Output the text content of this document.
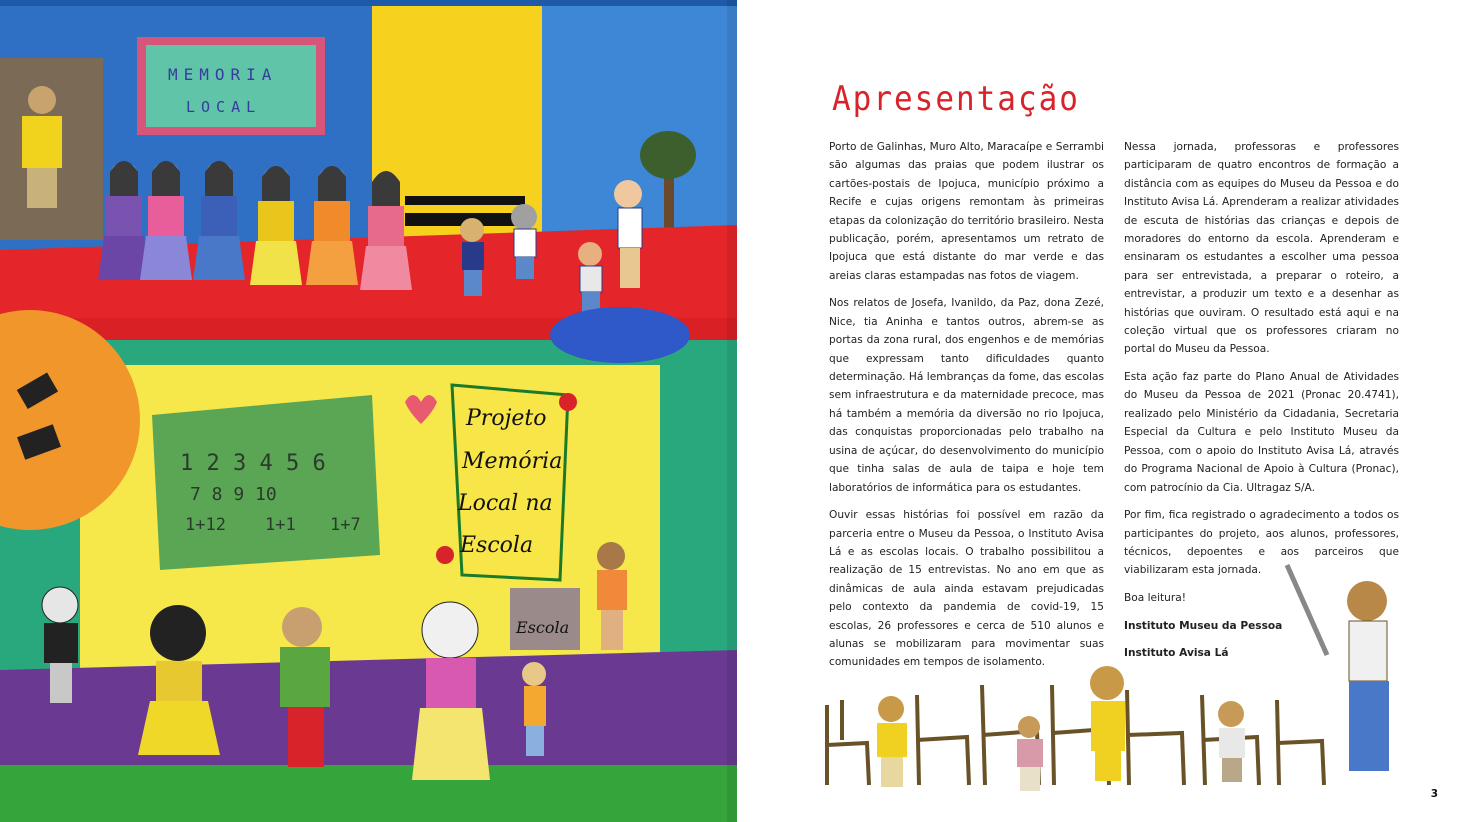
MEMORIA
LOCAL
1 2 3 4 5 6
7 8 9 10
1+12 1+1 1+7
Projeto
Memória
Local na
Escola
Escola
Apresentação

Porto de Galinhas, Muro Alto, Maracaípe e Serrambi são algumas das praias que podem ilustrar os cartões-postais de Ipojuca, município próximo a Recife e cujas origens remontam às primeiras etapas da colonização do território brasileiro. Nesta publicação, porém, apresentamos um retrato de Ipojuca que está distante do mar verde e das areias claras estampadas nas fotos de viagem.

Nos relatos de Josefa, Ivanildo, da Paz, dona Zezé, Nice, tia Aninha e tantos outros, abrem-se as portas da zona rural, dos engenhos e de memórias que expressam tanto dificuldades quanto determinação. Há lembranças da fome, das escolas sem infraestrutura e da maternidade precoce, mas há também a memória da diversão no rio Ipojuca, das conquistas proporcionadas pelo trabalho na usina de açúcar, do desenvolvimento do município que tinha salas de aula de taipa e hoje tem laboratórios de informática para os estudantes.

Ouvir essas histórias foi possível em razão da parceria entre o Museu da Pessoa, o Instituto Avisa Lá e as escolas locais. O trabalho possibilitou a realização de 15 entrevistas. No ano em que as dinâmicas de aula ainda estavam prejudicadas pelo contexto da pandemia de covid-19, 15 escolas, 26 professores e cerca de 510 alunos e alunas se mobilizaram para movimentar suas comunidades em tempos de isolamento.

Nessa jornada, professoras e professores participaram de quatro encontros de formação a distância com as equipes do Museu da Pessoa e do Instituto Avisa Lá. Aprenderam a realizar atividades de escuta de histórias das crianças e depois de moradores do entorno da escola. Aprenderam e ensinaram os estudantes a escolher uma pessoa para ser entrevistada, a preparar o roteiro, a entrevistar, a produzir um texto e a desenhar as histórias que ouviram. O resultado está aqui e na coleção virtual que os professores criaram no portal do Museu da Pessoa.

Esta ação faz parte do Plano Anual de Atividades do Museu da Pessoa de 2021 (Pronac 20.4741), realizado pelo Ministério da Cidadania, Secretaria Especial da Cultura e pelo Instituto Museu da Pessoa, com o apoio do Instituto Avisa Lá, através do Programa Nacional de Apoio à Cultura (Pronac), com patrocínio da Cia. Ultragaz S/A.

Por fim, fica registrado o agradecimento a todos os participantes do projeto, aos alunos, professores, técnicos, depoentes e aos parceiros que viabilizaram esta jornada.

Boa leitura!

Instituto Museu da Pessoa

Instituto Avisa Lá

3
